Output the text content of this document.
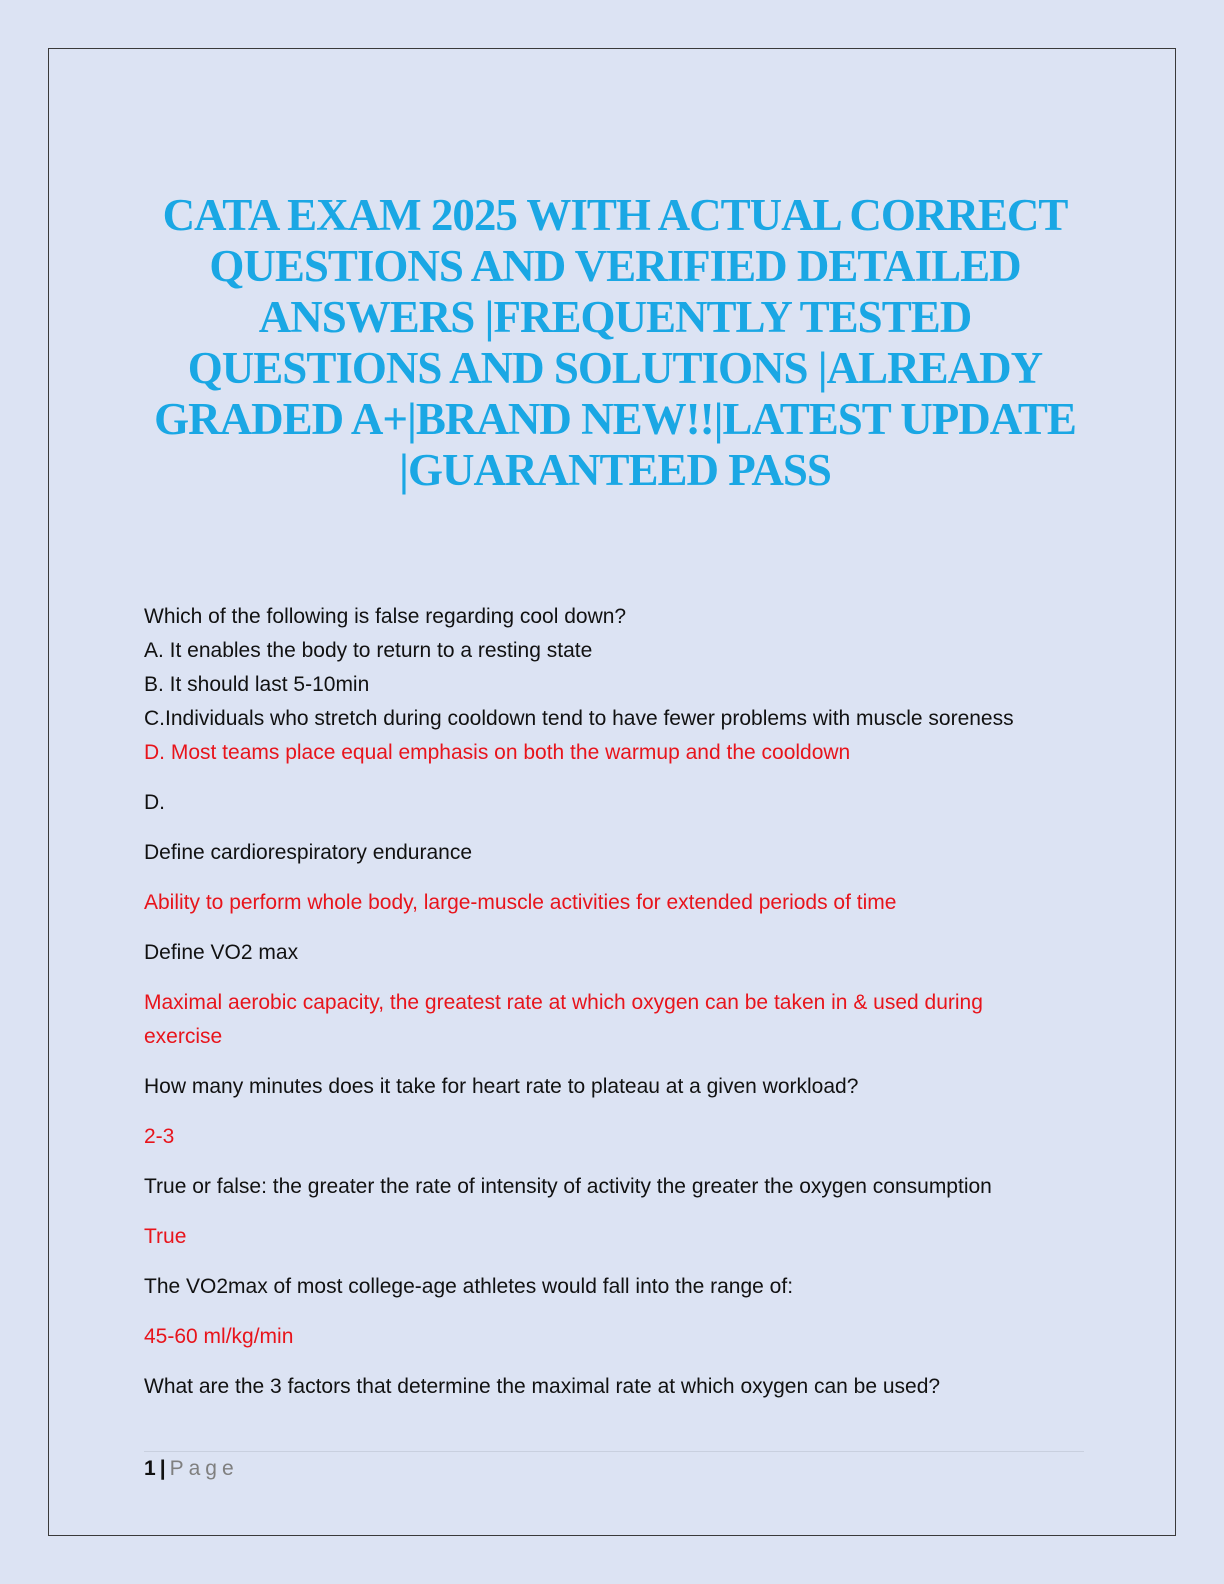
CATA EXAM 2025 WITH ACTUAL CORRECT
QUESTIONS AND VERIFIED DETAILED
ANSWERS |FREQUENTLY TESTED
QUESTIONS AND SOLUTIONS |ALREADY
GRADED A+|BRAND NEW!!|LATEST UPDATE
|GUARANTEED PASS

Which of the following is false regarding cool down?

A. It enables the body to return to a resting state

B. It should last 5-10min

C.Individuals who stretch during cooldown tend to have fewer problems with muscle soreness

D. Most teams place equal emphasis on both the warmup and the cooldown

D.

Define cardiorespiratory endurance

Ability to perform whole body, large-muscle activities for extended periods of time

Define VO2 max

Maximal aerobic capacity, the greatest rate at which oxygen can be taken in & used during

exercise

How many minutes does it take for heart rate to plateau at a given workload?

2-3

True or false: the greater the rate of intensity of activity the greater the oxygen consumption

True

The VO2max of most college-age athletes would fall into the range of:

45-60 ml/kg/min

What are the 3 factors that determine the maximal rate at which oxygen can be used?

1 | Page
